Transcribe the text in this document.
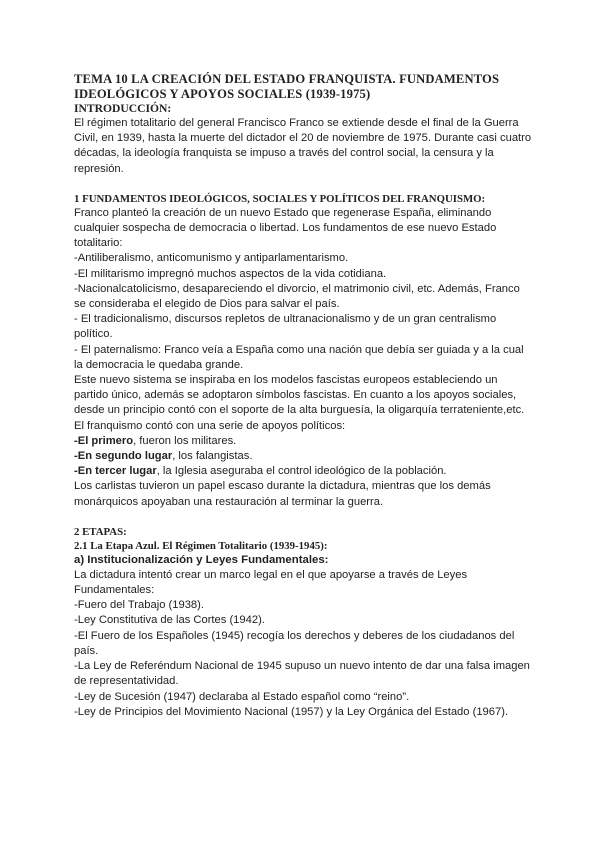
TEMA 10 LA CREACIÓN DEL ESTADO FRANQUISTA. FUNDAMENTOS

IDEOLÓGICOS Y APOYOS SOCIALES (1939-1975)

INTRODUCCIÓN:

El régimen totalitario del general Francisco Franco se extiende desde el final de la Guerra

Civil, en 1939, hasta la muerte del dictador el 20 de noviembre de 1975. Durante casi cuatro

décadas, la ideología franquista se impuso a través del control social, la censura y la

represión.

1 FUNDAMENTOS IDEOLÓGICOS, SOCIALES Y POLÍTICOS DEL FRANQUISMO:

Franco planteó la creación de un nuevo Estado que regenerase España, eliminando

cualquier sospecha de democracia o libertad. Los fundamentos de ese nuevo Estado

totalitario:

-Antiliberalismo, anticomunismo y antiparlamentarismo.

-El militarismo impregnó muchos aspectos de la vida cotidiana.

-Nacionalcatolicismo, desapareciendo el divorcio, el matrimonio civil, etc. Además, Franco

se consideraba el elegido de Dios para salvar el país.

- El tradicionalismo, discursos repletos de ultranacionalismo y de un gran centralismo

político.

- El paternalismo: Franco veía a España como una nación que debía ser guiada y a la cual

la democracia le quedaba grande.

Este nuevo sistema se inspiraba en los modelos fascistas europeos estableciendo un

partido único, además se adoptaron símbolos fascistas. En cuanto a los apoyos sociales,

desde un principio contó con el soporte de la alta burguesía, la oligarquía terrateniente,etc.

El franquismo contó con una serie de apoyos políticos:

-El primero, fueron los militares.

-En segundo lugar, los falangistas.

-En tercer lugar, la Iglesia aseguraba el control ideológico de la población.

Los carlistas tuvieron un papel escaso durante la dictadura, mientras que los demás

monárquicos apoyaban una restauración al terminar la guerra.

2 ETAPAS:

2.1 La Etapa Azul. El Régimen Totalitario (1939-1945):

a) Institucionalización y Leyes Fundamentales:

La dictadura intentó crear un marco legal en el que apoyarse a través de Leyes

Fundamentales:

-Fuero del Trabajo (1938).

-Ley Constitutiva de las Cortes (1942).

-El Fuero de los Españoles (1945) recogía los derechos y deberes de los ciudadanos del

país.

-La Ley de Referéndum Nacional de 1945 supuso un nuevo intento de dar una falsa imagen

de representatividad.

-Ley de Sucesión (1947) declaraba al Estado español como “reino”.

-Ley de Principios del Movimiento Nacional (1957) y la Ley Orgánica del Estado (1967).
